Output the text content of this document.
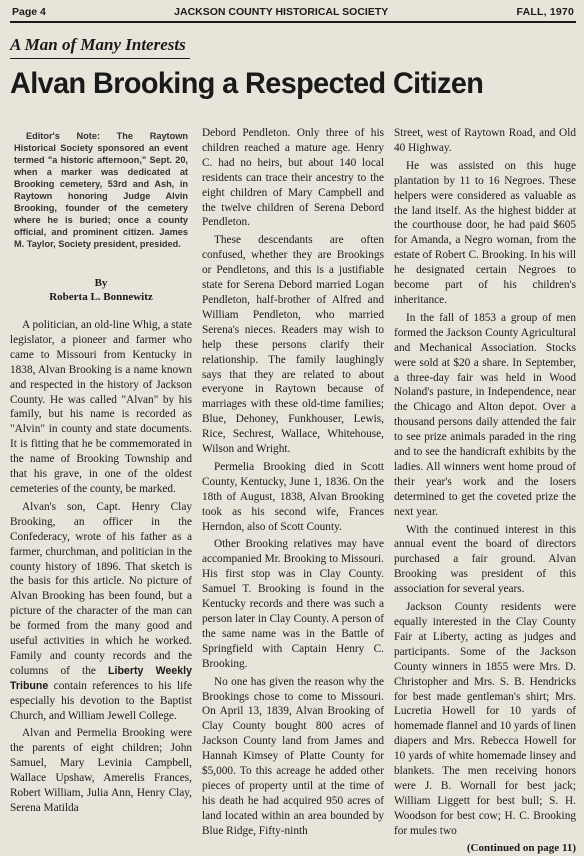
Page 4	JACKSON COUNTY HISTORICAL SOCIETY	FALL, 1970
A Man of Many Interests
Alvan Brooking a Respected Citizen
Editor's Note: The Raytown Historical Society sponsored an event termed "a historic afternoon," Sept. 20, when a marker was dedicated at Brooking cemetery, 53rd and Ash, in Raytown honoring Judge Alvin Brooking, founder of the cemetery where he is buried; once a county official, and prominent citizen. James M. Taylor, Society president, presided.
By
Roberta L. Bonnewitz

A politician, an old-line Whig, a state legislator, a pioneer and farmer who came to Missouri from Kentucky in 1838, Alvan Brooking is a name known and respected in the history of Jackson County. He was called "Alvan" by his family, but his name is recorded as "Alvin" in county and state documents. It is fitting that he be commemorated in the name of Brooking Township and that his grave, in one of the oldest cemeteries of the county, be marked.

Alvan's son, Capt. Henry Clay Brooking, an officer in the Confederacy, wrote of his father as a farmer, churchman, and politician in the county history of 1896. That sketch is the basis for this article. No picture of Alvan Brooking has been found, but a picture of the character of the man can be formed from the many good and useful activities in which he worked. Family and county records and the columns of the Liberty Weekly Tribune contain references to his life especially his devotion to the Baptist Church, and William Jewell College.

Alvan and Permelia Brooking were the parents of eight children; John Samuel, Mary Levinia Campbell, Wallace Upshaw, Amerelis Frances, Robert William, Julia Ann, Henry Clay, Serena Matilda

Debord Pendleton. Only three of his children reached a mature age. Henry C. had no heirs, but about 140 local residents can trace their ancestry to the eight children of Mary Campbell and the twelve children of Serena Debord Pendleton.

These descendants are often confused, whether they are Brookings or Pendletons, and this is a justifiable state for Serena Debord married Logan Pendleton, half-brother of Alfred and William Pendleton, who married Serena's nieces. Readers may wish to help these persons clarify their relationship. The family laughingly says that they are related to about everyone in Raytown because of marriages with these old-time families; Blue, Dehoney, Funkhouser, Lewis, Rice, Sechrest, Wallace, Whitehouse, Wilson and Wright.

Permelia Brooking died in Scott County, Kentucky, June 1, 1836. On the 18th of August, 1838, Alvan Brooking took as his second wife, Frances Herndon, also of Scott County.

Other Brooking relatives may have accompanied Mr. Brooking to Missouri. His first stop was in Clay County. Samuel T. Brooking is found in the Kentucky records and there was such a person later in Clay County. A person of the same name was in the Battle of Springfield with Captain Henry C. Brooking.

No one has given the reason why the Brookings chose to come to Missouri. On April 13, 1839, Alvan Brooking of Clay County bought 800 acres of Jackson County land from James and Hannah Kimsey of Platte County for $5,000. To this acreage he added other pieces of property until at the time of his death he had acquired 950 acres of land located within an area bounded by Blue Ridge, Fifty-ninth

Street, west of Raytown Road, and Old 40 Highway.

He was assisted on this huge plantation by 11 to 16 Negroes. These helpers were considered as valuable as the land itself. As the highest bidder at the courthouse door, he had paid $605 for Amanda, a Negro woman, from the estate of Robert C. Brooking. In his will he designated certain Negroes to become part of his children's inheritance.

In the fall of 1853 a group of men formed the Jackson County Agricultural and Mechanical Association. Stocks were sold at $20 a share. In September, a three-day fair was held in Wood Noland's pasture, in Independence, near the Chicago and Alton depot. Over a thousand persons daily attended the fair to see prize animals paraded in the ring and to see the handicraft exhibits by the ladies. All winners went home proud of their year's work and the losers determined to get the coveted prize the next year.

With the continued interest in this annual event the board of directors purchased a fair ground. Alvan Brooking was president of this association for several years.

Jackson County residents were equally interested in the Clay County Fair at Liberty, acting as judges and participants. Some of the Jackson County winners in 1855 were Mrs. D. Christopher and Mrs. S. B. Hendricks for best made gentleman's shirt; Mrs. Lucretia Howell for 10 yards of homemade flannel and 10 yards of linen diapers and Mrs. Rebecca Howell for 10 yards of white homemade linsey and blankets. The men receiving honors were J. B. Wornall for best jack; William Liggett for best bull; S. H. Woodson for best cow; H. C. Brooking for mules two

(Continued on page 11)
